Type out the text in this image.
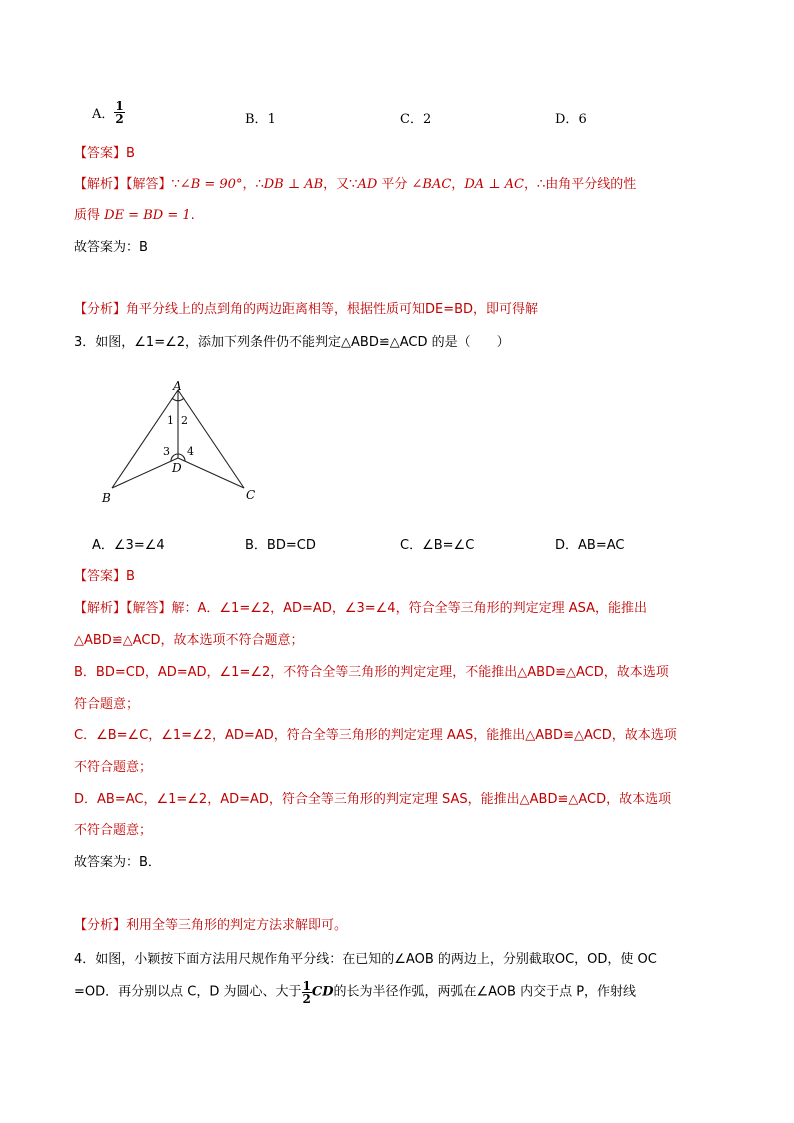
A． $\frac{1}{2}$	B．1	C．2	D．6
【答案】B
【解析】【解答】∵∠B = 90°，∴DB ⊥ AB，又∵AD 平分 ∠BAC，DA ⊥ AC，∴由角平分线的性
质得 DE = BD = 1.
故答案为：B
【分析】角平分线上的点到角的两边距离相等，根据性质可知DE=BD，即可得解
3．如图，∠1=∠2，添加下列条件仍不能判定△ABD≌△ACD 的是（　　）
A
B	C
D
1 2
3 4
A．∠3=∠4	B．BD=CD	C．∠B=∠C	D．AB=AC
【答案】B
【解析】【解答】解：A．∠1=∠2，AD=AD，∠3=∠4，符合全等三角形的判定定理 ASA，能推出
△ABD≌△ACD，故本选项不符合题意；
B．BD=CD，AD=AD，∠1=∠2，不符合全等三角形的判定定理，不能推出△ABD≌△ACD，故本选项
符合题意；
C．∠B=∠C，∠1=∠2，AD=AD，符合全等三角形的判定定理 AAS，能推出△ABD≌△ACD，故本选项
不符合题意；
D．AB=AC，∠1=∠2，AD=AD，符合全等三角形的判定定理 SAS，能推出△ABD≌△ACD，故本选项
不符合题意；
故答案为：B．
【分析】利用全等三角形的判定方法求解即可。
4．如图，小颖按下面方法用尺规作角平分线：在已知的∠AOB 的两边上，分别截取OC，OD，使 OC
=OD．再分别以点 C，D 为圆心、大于 $\frac{1}{2}$ CD的长为半径作弧，两弧在∠AOB 内交于点 P，作射线
